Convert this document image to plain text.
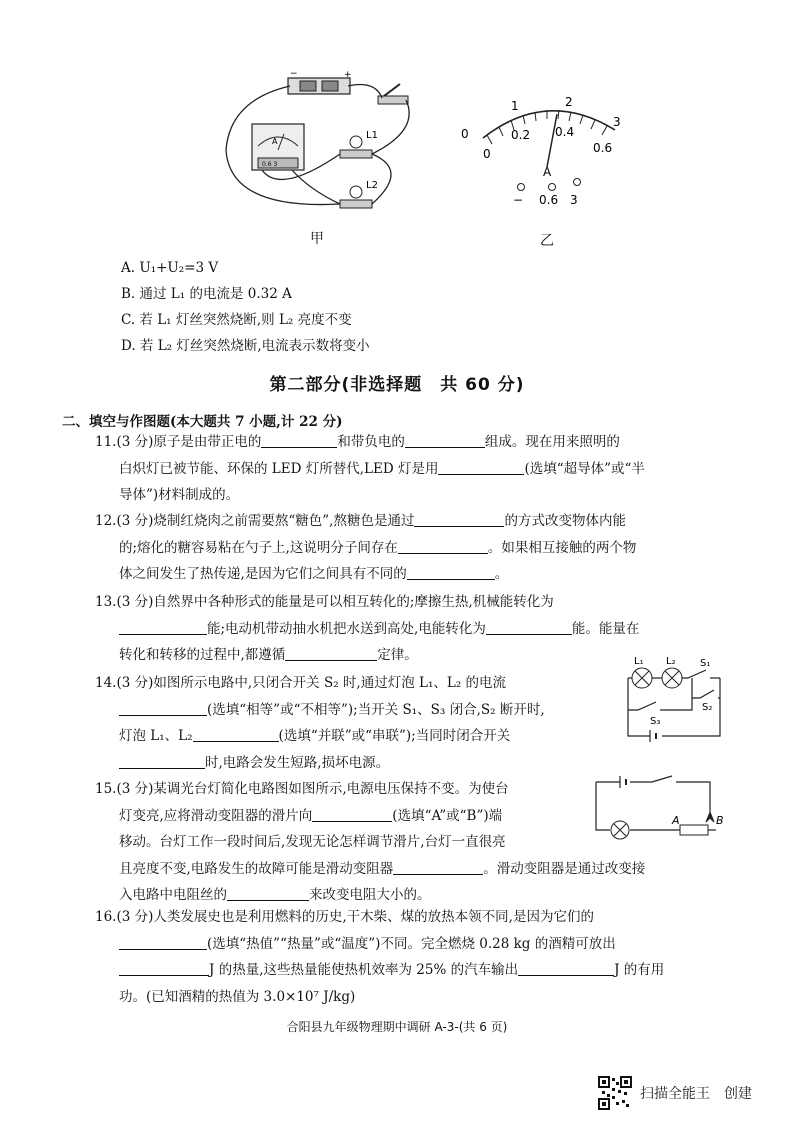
−	+
A
0.6 3
L1
L2
甲
0
1	2
3
0
0.2 0.4
0.6
A
− 0.6 3
乙
A. U₁+U₂=3 V
B. 通过 L₁ 的电流是 0.32 A
C. 若 L₁ 灯丝突然烧断,则 L₂ 亮度不变
D. 若 L₂ 灯丝突然烧断,电流表示数将变小
第二部分(非选择题　共 60 分)
二、填空与作图题(本大题共 7 小题,计 22 分)

11.(3 分)原子是由带正电的	和带负电的	组成。现在用来照明的

白炽灯已被节能、环保的 LED 灯所替代,LED 灯是用	(选填“超导体”或“半

导体”)材料制成的。

12.(3 分)烧制红烧肉之前需要熬“糖色”,熬糖色是通过	的方式改变物体内能

的;熔化的糖容易粘在勺子上,这说明分子间存在	。如果相互接触的两个物

体之间发生了热传递,是因为它们之间具有不同的	。

13.(3 分)自然界中各种形式的能量是可以相互转化的;摩擦生热,机械能转化为

能;电动机带动抽水机把水送到高处,电能转化为	能。能量在

转化和转移的过程中,都遵循	定律。

14.(3 分)如图所示电路中,只闭合开关 S₂ 时,通过灯泡 L₁、L₂ 的电流

(选填“相等”或“不相等”);当开关 S₁、S₃ 闭合,S₂ 断开时,

灯泡 L₁、L₂	(选填“并联”或“串联”);当同时闭合开关

时,电路会发生短路,损坏电源。

L₁ L₂ S₁
S₂
S₃

15.(3 分)某调光台灯简化电路图如图所示,电源电压保持不变。为使台

灯变亮,应将滑动变阻器的滑片向	(选填“A”或“B”)端

移动。台灯工作一段时间后,发现无论怎样调节滑片,台灯一直很亮

且亮度不变,电路发生的故障可能是滑动变阻器	。滑动变阻器是通过改变接

入电路中电阻丝的	来改变电阻大小的。

A	B

16.(3 分)人类发展史也是利用燃料的历史,干木柴、煤的放热本领不同,是因为它们的

(选填“热值”“热量”或“温度”)不同。完全燃烧 0.28 kg 的酒精可放出

J 的热量,这些热量能使热机效率为 25% 的汽车输出	J 的有用

功。(已知酒精的热值为 3.0×10⁷ J/kg)

合阳县九年级物理期中调研 A-3-(共 6 页)
扫描全能王　创建
